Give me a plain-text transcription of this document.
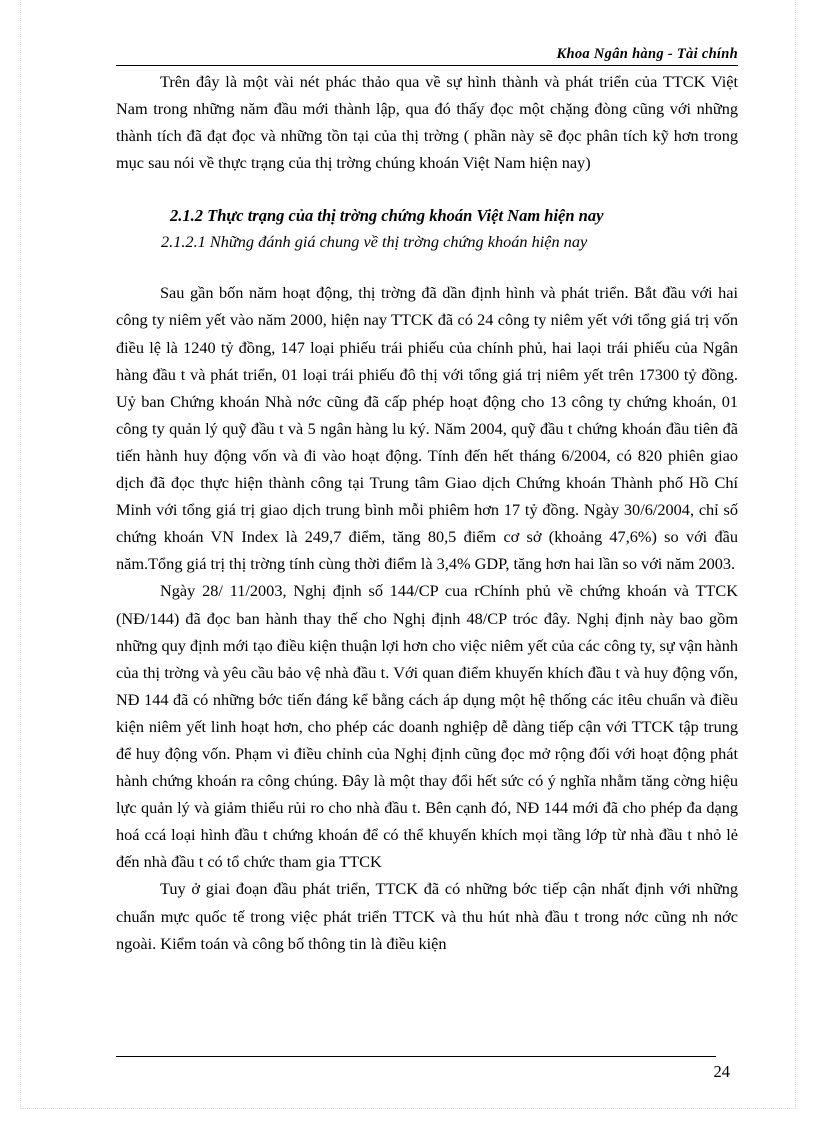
Khoa Ngân hàng - Tài chính

Trên đây là một vài nét phác thảo qua về sự hình thành và phát triển của TTCK Việt Nam trong những năm đầu mới thành lập, qua đó thấy đọc một chặng đòng cũng với những thành tích đã đạt đọc và những tồn tại của thị trờng ( phần này sẽ đọc phân tích kỹ hơn trong mục sau nói về thực trạng của thị trờng chúng khoán Việt Nam hiện nay)

2.1.2 Thực trạng của thị trờng chứng khoán Việt Nam hiện nay

2.1.2.1 Những đánh giá chung về thị trờng chứng khoán hiện nay

Sau gần bốn năm hoạt động, thị trờng đã dần định hình và phát triển. Bắt đầu với hai công ty niêm yết vào năm 2000, hiện nay TTCK đã có 24 công ty niêm yết với tổng giá trị vốn điều lệ là 1240 tỷ đồng, 147 loại phiếu trái phiếu của chính phủ, hai laọi trái phiếu của Ngân hàng đầu t và phát triển, 01 loại trái phiếu đô thị với tổng giá trị niêm yết trên 17300 tỷ đồng. Uỷ ban Chứng khoán Nhà nớc cũng đã cấp phép hoạt động cho 13 công ty chứng khoán, 01 công ty quản lý quỹ đầu t và 5 ngân hàng lu ký. Năm 2004, quỹ đầu t chứng khoán đầu tiên đã tiến hành huy động vốn và đi vào hoạt động. Tính đến hết tháng 6/2004, có 820 phiên giao dịch đã đọc thực hiện thành công tại Trung tâm Giao dịch Chứng khoán Thành phố Hồ Chí Minh với tổng giá trị giao dịch trung bình mỗi phiêm hơn 17 tỷ đồng. Ngày 30/6/2004, chỉ số chứng khoán VN Index là 249,7 điểm, tăng 80,5 điểm cơ sở (khoảng 47,6%) so với đầu năm.Tổng giá trị thị trờng tính cùng thời điểm là 3,4% GDP, tăng hơn hai lần so với năm 2003.

Ngày 28/ 11/2003, Nghị định số 144/CP cua rChính phủ về chứng khoán và TTCK (NĐ/144) đã đọc ban hành thay thế cho Nghị định 48/CP tróc đây. Nghị định này bao gồm những quy định mới tạo điều kiện thuận lợi hơn cho việc niêm yết của các công ty, sự vận hành của thị trờng và yêu cầu bảo vệ nhà đầu t. Với quan điểm khuyến khích đầu t và huy động vốn, NĐ 144 đã có những bớc tiến đáng kể bằng cách áp dụng một hệ thống các itêu chuẩn và điều kiện niêm yết linh hoạt hơn, cho phép các doanh nghiệp dễ dàng tiếp cận với TTCK tập trung để huy động vốn. Phạm vi điều chỉnh của Nghị định cũng đọc mở rộng đối với hoạt động phát hành chứng khoán ra công chúng. Đây là một thay đổi hết sức có ý nghĩa nhằm tăng cờng hiệu lực quản lý và giảm thiểu rủi ro cho nhà đầu t. Bên cạnh đó, NĐ 144 mới đã cho phép đa dạng hoá ccá loại hình đầu t chứng khoán để có thể khuyến khích mọi tầng lớp từ nhà đầu t nhỏ lẻ đến nhà đầu t có tổ chức tham gia TTCK

Tuy ở giai đoạn đầu phát triển, TTCK đã có những bớc tiếp cận nhất định với những chuẩn mực quốc tế trong việc phát triển TTCK và thu hút nhà đầu t trong nớc cũng nh nớc ngoài. Kiểm toán và công bố thông tin là điều kiện

24
